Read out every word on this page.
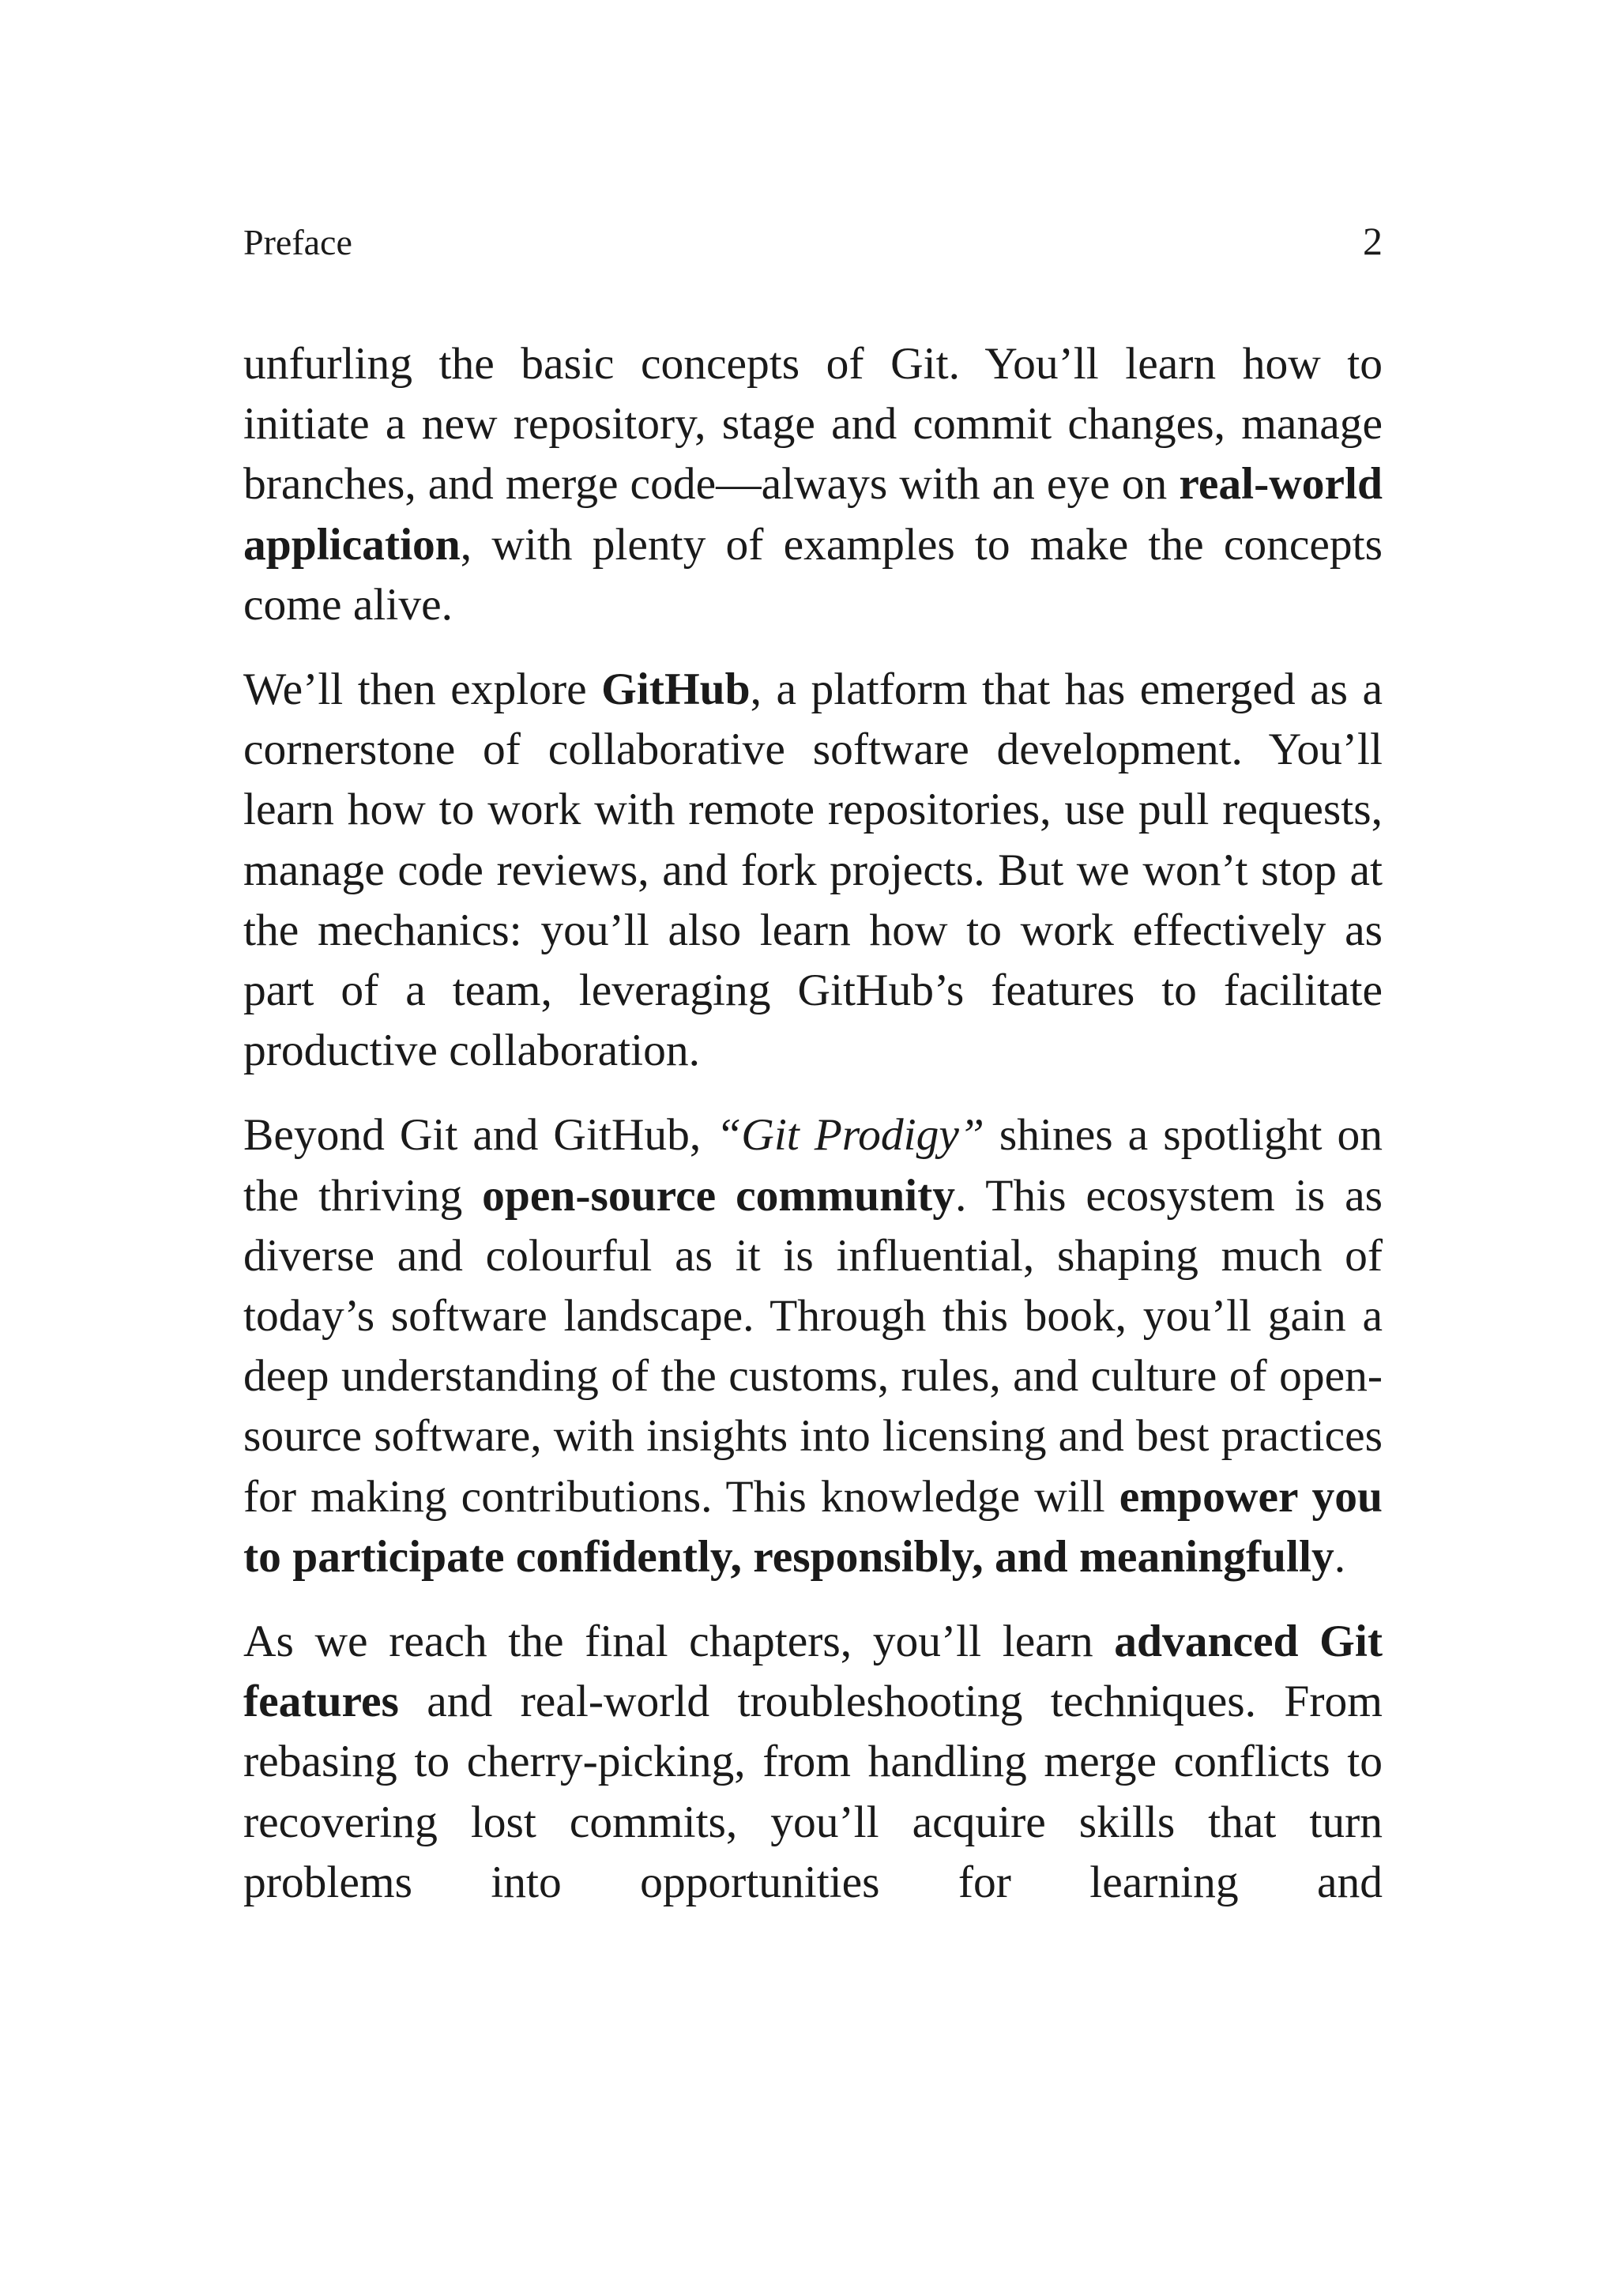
Preface	2

unfurling the basic concepts of Git. You’ll learn how to initiate a new repository, stage and commit changes, manage branches, and merge code—always with an eye on real-world application, with plenty of examples to make the concepts come alive.

We’ll then explore GitHub, a platform that has emerged as a cornerstone of collaborative software development. You’ll learn how to work with remote repositories, use pull requests, manage code reviews, and fork projects. But we won’t stop at the mechanics: you’ll also learn how to work effectively as part of a team, leveraging GitHub’s features to facilitate productive collaboration.

Beyond Git and GitHub, “Git Prodigy” shines a spotlight on the thriving open-source community. This ecosystem is as diverse and colourful as it is influential, shaping much of today’s software landscape. Through this book, you’ll gain a deep understanding of the customs, rules, and culture of open-source software, with insights into licensing and best practices for making contributions. This knowledge will empower you to participate confidently, responsibly, and meaningfully.

As we reach the final chapters, you’ll learn advanced Git features and real-world troubleshooting techniques. From rebasing to cherry-picking, from handling merge conflicts to recovering lost commits, you’ll acquire skills that turn problems into opportunities for learning and
